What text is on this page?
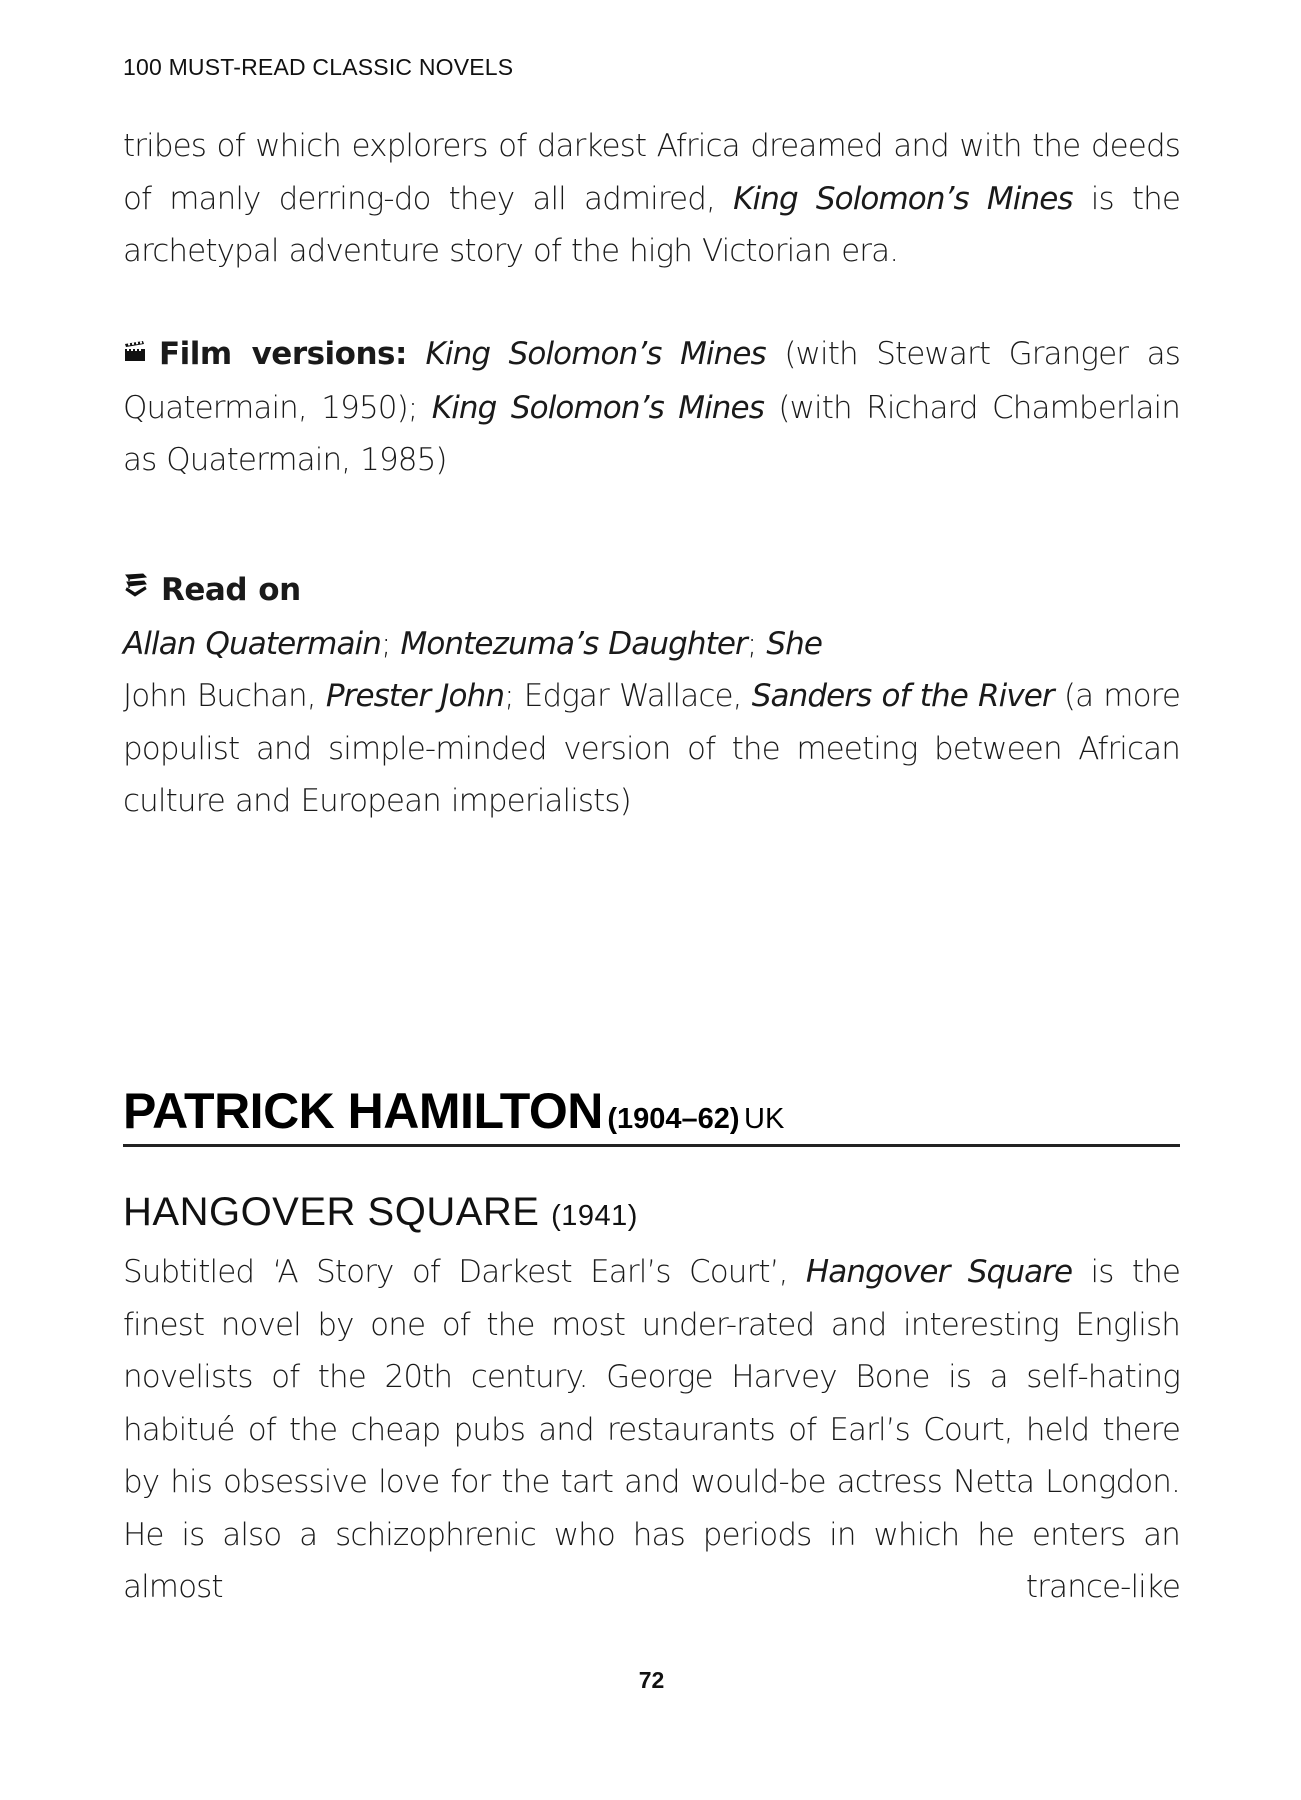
100 MUST-READ CLASSIC NOVELS

tribes of which explorers of darkest Africa dreamed and with the deeds of manly derring-do they all admired, King Solomon’s Mines is the archetypal adventure story of the high Victorian era.

Film versions: King Solomon’s Mines (with Stewart Granger as Quatermain, 1950); King Solomon’s Mines (with Richard Chamberlain as Quatermain, 1985)

Read on
Allan Quatermain; Montezuma’s Daughter; She
John Buchan, Prester John; Edgar Wallace, Sanders of the River (a more populist and simple-minded version of the meeting between African culture and European imperialists)
PATRICK HAMILTON (1904–62) UK
HANGOVER SQUARE (1941)

Subtitled ‘A Story of Darkest Earl’s Court’, Hangover Square is the finest novel by one of the most under-rated and interesting English novelists of the 20th century. George Harvey Bone is a self-hating habitué of the cheap pubs and restaurants of Earl’s Court, held there by his obsessive love for the tart and would-be actress Netta Longdon. He is also a schizophrenic who has periods in which he enters an almost trance-like

72
